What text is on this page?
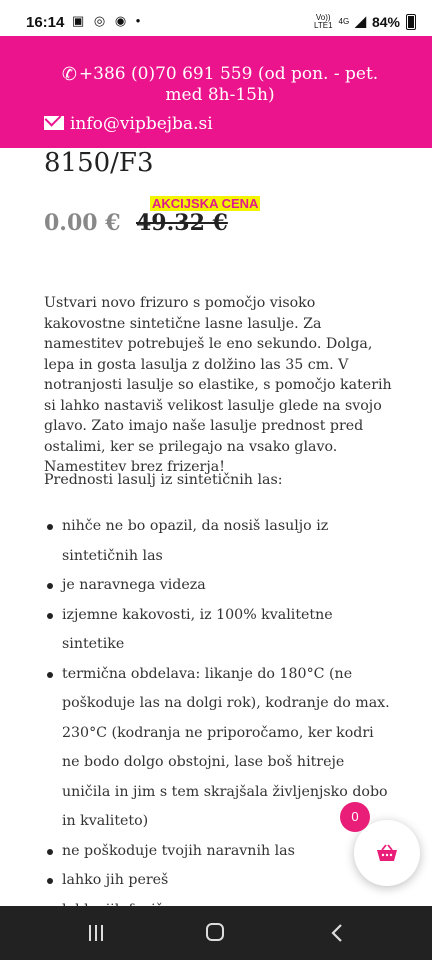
16:14 ▣ ◎ ◉ •	Vo))
LTE1 4G ◢ 84%
✆ +386 (0)70 691 559 (od pon. - pet. med 8h-15h)
info@vipbejba.si
8150/F3
AKCIJSKA CENA
0.00 € 49.32 €
Ustvari novo frizuro s pomočjo visoko kakovostne sintetične lasne lasulje. Za namestitev potrebuješ le eno sekundo. Dolga, lepa in gosta lasulja z dolžino las 35 cm. V notranjosti lasulje so elastike, s pomočjo katerih si lahko nastaviš velikost lasulje glede na svojo glavo. Zato imajo naše lasulje prednost pred ostalimi, ker se prilegajo na vsako glavo. Namestitev brez frizerja!
Prednosti lasulj iz sintetičnih las:
nihče ne bo opazil, da nosiš lasuljo iz sintetičnih las
je naravnega videza
izjemne kakovosti, iz 100% kvalitetne sintetike
termična obdelava: likanje do 180°C (ne poškoduje las na dolgi rok), kodranje do max. 230°C (kodranja ne priporočamo, ker kodri ne bodo dolgo obstojni, lase boš hitreje uničila in jim s tem skrajšala življenjsko dobo in kvaliteto)
ne poškoduje tvojih naravnih las
lahko jih pereš
0
